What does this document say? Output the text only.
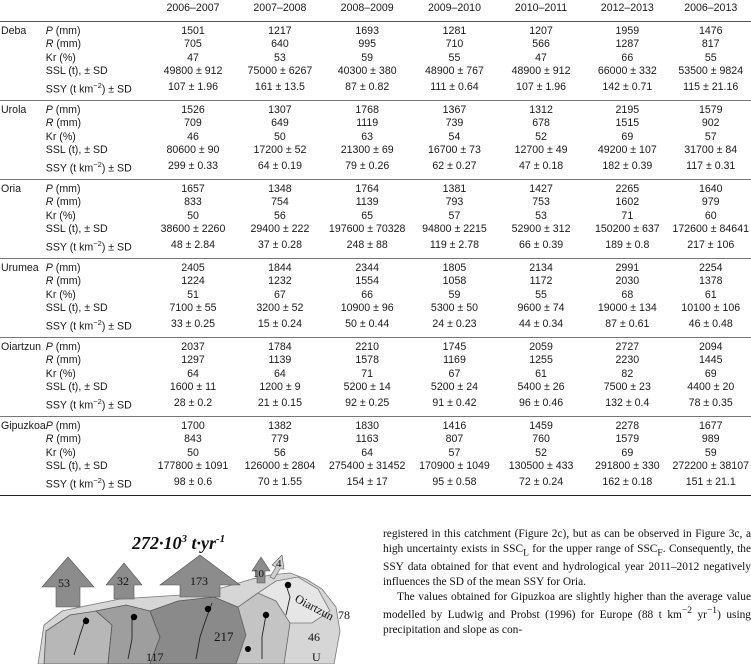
		2006–2007	2007–2008	2008–2009	2009–2010	2010–2011	2012–2013	2006–2013
Deba	P (mm)	1501	1217	1693	1281	1207	1959	1476
	R (mm)	705	640	995	710	566	1287	817
	Kr (%)	47	53	59	55	47	66	55
	SSL (t), ± SD	49800 ± 912	75000 ± 6267	40300 ± 380	48900 ± 767	48900 ± 912	66000 ± 332	53500 ± 9824
	SSY (t $km^{-2}$) ± SD	107 ± 1.96	161 ± 13.5	87 ± 0.82	111 ± 0.64	107 ± 1.96	142 ± 0.71	115 ± 21.16
Urola	P (mm)	1526	1307	1768	1367	1312	2195	1579
	R (mm)	709	649	1119	739	678	1515	902
	Kr (%)	46	50	63	54	52	69	57
	SSL (t), ± SD	80600 ± 90	17200 ± 52	21300 ± 69	16700 ± 73	12700 ± 49	49200 ± 107	31700 ± 84
	SSY (t $km^{-2}$) ± SD	299 ± 0.33	64 ± 0.19	79 ± 0.26	62 ± 0.27	47 ± 0.18	182 ± 0.39	117 ± 0.31
Oria	P (mm)	1657	1348	1764	1381	1427	2265	1640
	R (mm)	833	754	1139	793	753	1602	979
	Kr (%)	50	56	65	57	53	71	60
	SSL (t), ± SD	38600 ± 2260	29400 ± 222	197600 ± 70328	94800 ± 2215	52900 ± 312	150200 ± 637	172600 ± 84641
	SSY (t $km^{-2}$) ± SD	48 ± 2.84	37 ± 0.28	248 ± 88	119 ± 2.78	66 ± 0.39	189 ± 0.8	217 ± 106
Urumea	P (mm)	2405	1844	2344	1805	2134	2991	2254
	R (mm)	1224	1232	1554	1058	1172	2030	1378
	Kr (%)	51	67	66	59	55	68	61
	SSL (t), ± SD	7100 ± 55	3200 ± 52	10900 ± 96	5300 ± 50	9600 ± 74	19000 ± 134	10100 ± 106
	SSY (t $km^{-2}$) ± SD	33 ± 0.25	15 ± 0.24	50 ± 0.44	24 ± 0.23	44 ± 0.34	87 ± 0.61	46 ± 0.48
Oiartzun	P (mm)	2037	1784	2210	1745	2059	2727	2094
	R (mm)	1297	1139	1578	1169	1255	2230	1445
	Kr (%)	64	64	71	67	61	82	69
	SSL (t), ± SD	1600 ± 11	1200 ± 9	5200 ± 14	5200 ± 24	5400 ± 26	7500 ± 23	4400 ± 20
	SSY (t $km^{-2}$) ± SD	28 ± 0.2	21 ± 0.15	92 ± 0.25	91 ± 0.42	96 ± 0.46	132 ± 0.4	78 ± 0.35
Gipuzkoa	P (mm)	1700	1382	1830	1416	1459	2278	1677
	R (mm)	843	779	1163	807	760	1579	989
	Kr (%)	50	56	64	57	52	69	59
	SSL (t), ± SD	177800 ± 1091	126000 ± 2804	275400 ± 31452	170900 ± 1049	130500 ± 433	291800 ± 330	272200 ± 38107
	SSY (t $km^{-2}$) ± SD	98 ± 0.6	70 ± 1.55	154 ± 17	95 ± 0.58	72 ± 0.24	162 ± 0.18	151 ± 21.1
$272\cdot 10^3$ $t\cdot yr^{-1}$
53	32	173	10
4
217
117
78
46
Oiartzun
U

registered in this catchment (Figure 2c), but as can be observed in Figure 3c, a high uncertainty exists in $SSC_L$ for the upper range of $SSC_F$. Consequently, the SSY data obtained for that event and hydrological year 2011–2012 negatively influences the SD of the mean SSY for Oria.

The values obtained for Gipuzkoa are slightly higher than the average value modelled by Ludwig and Probst (1996) for Europe (88 t $km^{-2}$ $yr^{-1}$) using precipitation and slope as con-
